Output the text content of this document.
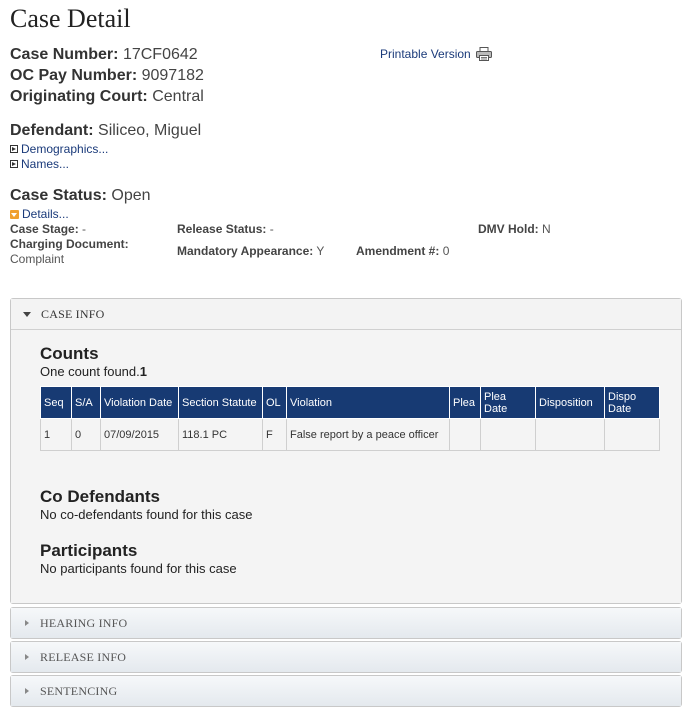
Case Detail
Case Number: 17CF0642
OC Pay Number: 9097182
Originating Court: Central
Printable Version
Defendant: Siliceo, Miguel
Demographics...
Names...
Case Status: Open
Details...
Case Stage: -	Release Status: -	DMV Hold: N
Charging Document:
Complaint
Mandatory Appearance: Y	Amendment #: 0
CASE INFO
Counts
One count found.1
Seq	S/A	Violation Date	Section Statute	OL	Violation	Plea	Plea Date	Disposition	Dispo Date
1	0	07/09/2015	118.1 PC	F	False report by a peace officer				
Co Defendants
No co-defendants found for this case
Participants
No participants found for this case
HEARING INFO
RELEASE INFO
SENTENCING
